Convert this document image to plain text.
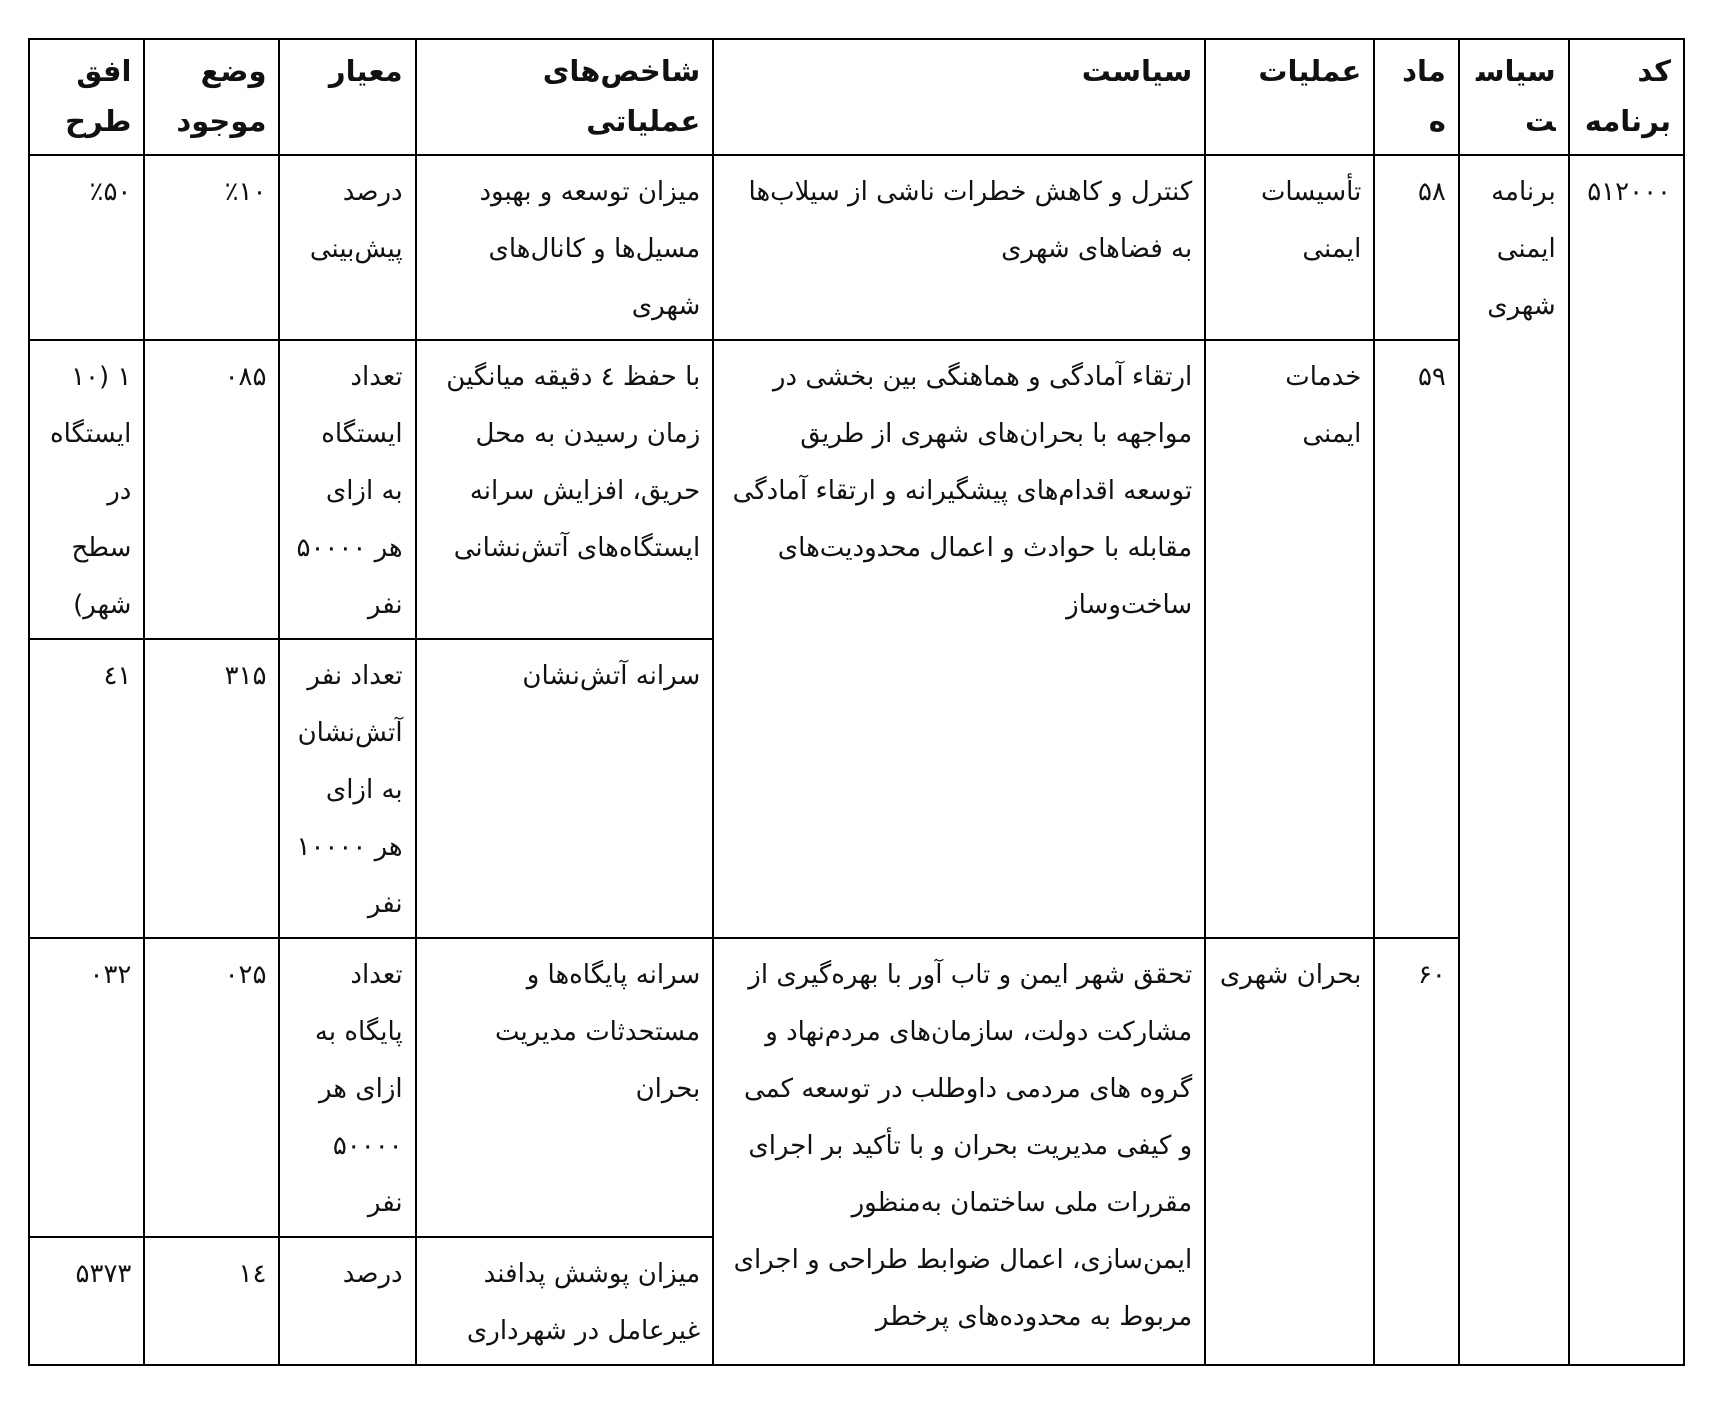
کد برنامه	سیاست	ماده	عملیات	سیاست	شاخص‌های عملیاتی	معیار	وضع موجود	افق طرح
۵۱۲۰۰۰	برنامه ایمنی شهری	۵۸	تأسیسات ایمنی	کنترل و کاهش خطرات ناشی از سیلاب‌ها به فضاهای شهری	میزان توسعه و بهبود مسیل‌ها و کانال‌های شهری	درصد پیش‌بینی	٪۱۰	٪۵۰
		۵۹	خدمات ایمنی	ارتقاء آمادگی و هماهنگی بین بخشی در مواجهه با بحران‌های شهری از طریق توسعه اقدام‌های پیشگیرانه و ارتقاء آمادگی مقابله با حوادث و اعمال محدودیت‌های ساخت‌وساز	با حفظ ٤ دقیقه میانگین زمان رسیدن به محل حریق، افزایش سرانه ایستگاه‌های آتش‌نشانی	تعداد ایستگاه به ازای هر ۵۰۰۰۰ نفر	۰۸۵	۱ (۱۰ ایستگاه در سطح شهر)
					سرانه آتش‌نشان	تعداد نفر آتش‌نشان به ازای هر ۱۰۰۰۰ نفر	۳۱۵	٤۱
		۶۰	بحران شهری	تحقق شهر ایمن و تاب آور با بهره‌گیری از مشارکت دولت، سازمان‌های مردم‌نهاد و گروه های مردمی داوطلب در توسعه کمی و کیفی مدیریت بحران و با تأکید بر اجرای مقررات ملی ساختمان به‌منظور ایمن‌سازی، اعمال ضوابط طراحی و اجرای مربوط به محدوده‌های پرخطر	سرانه پایگاه‌ها و مستحدثات مدیریت بحران	تعداد پایگاه به ازای هر ۵۰۰۰۰ نفر	۰۲۵	۰۳۲
					میزان پوشش پدافند غیرعامل در شهرداری	درصد	١٤	۵۳۷۳
